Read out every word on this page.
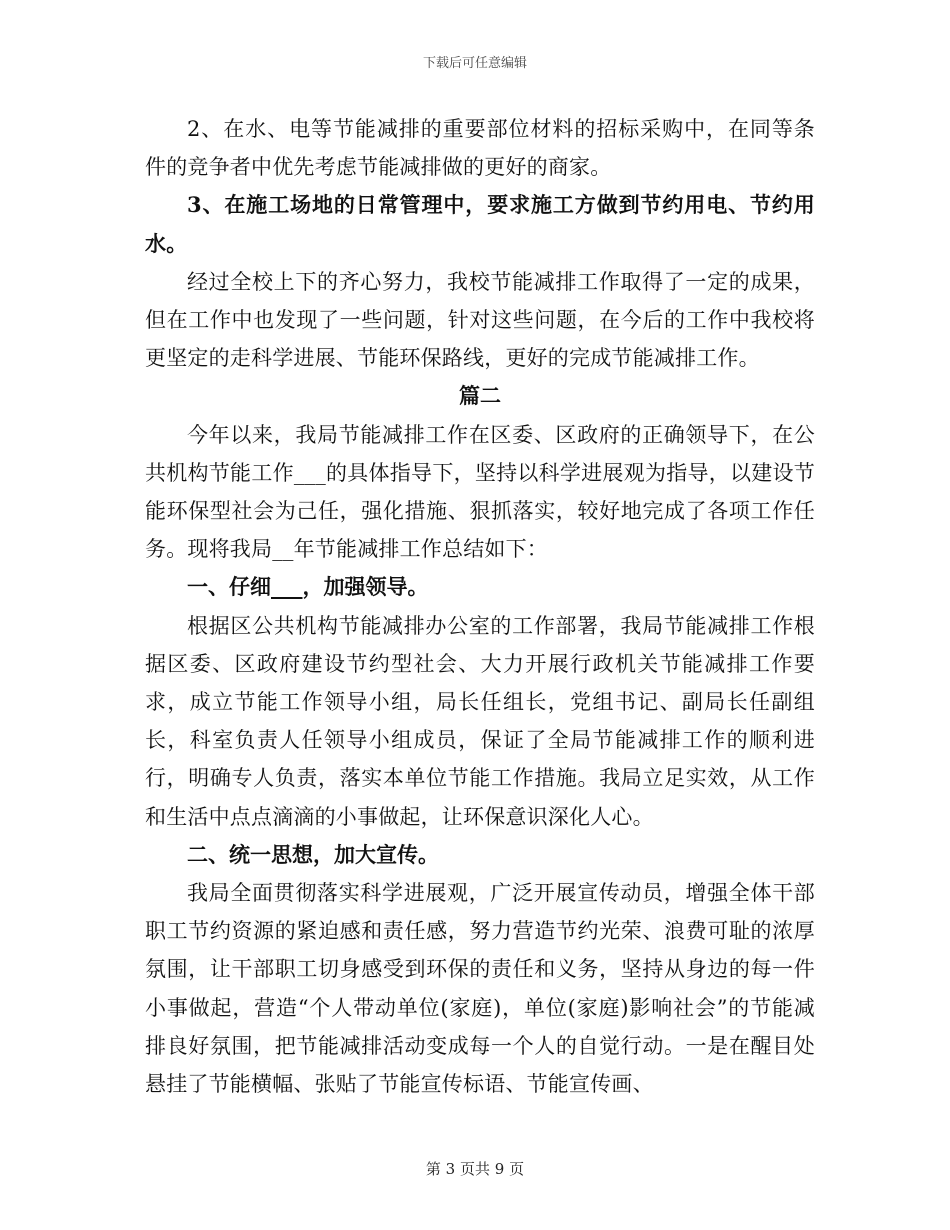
下载后可任意编辑

2、在水、电等节能减排的重要部位材料的招标采购中，在同等条件的竞争者中优先考虑节能减排做的更好的商家。

3、在施工场地的日常管理中，要求施工方做到节约用电、节约用水。

经过全校上下的齐心努力，我校节能减排工作取得了一定的成果，但在工作中也发现了一些问题，针对这些问题，在今后的工作中我校将更坚定的走科学进展、节能环保路线，更好的完成节能减排工作。

篇二

今年以来，我局节能减排工作在区委、区政府的正确领导下，在公共机构节能工作___的具体指导下，坚持以科学进展观为指导，以建设节能环保型社会为己任，强化措施、狠抓落实，较好地完成了各项工作任务。现将我局__年节能减排工作总结如下：

一、仔细___，加强领导。

根据区公共机构节能减排办公室的工作部署，我局节能减排工作根据区委、区政府建设节约型社会、大力开展行政机关节能减排工作要求，成立节能工作领导小组，局长任组长，党组书记、副局长任副组长，科室负责人任领导小组成员，保证了全局节能减排工作的顺利进行，明确专人负责，落实本单位节能工作措施。我局立足实效，从工作和生活中点点滴滴的小事做起，让环保意识深化人心。

二、统一思想，加大宣传。

我局全面贯彻落实科学进展观，广泛开展宣传动员，增强全体干部职工节约资源的紧迫感和责任感，努力营造节约光荣、浪费可耻的浓厚氛围，让干部职工切身感受到环保的责任和义务，坚持从身边的每一件小事做起，营造“个人带动单位(家庭)，单位(家庭)影响社会”的节能减排良好氛围，把节能减排活动变成每一个人的自觉行动。一是在醒目处悬挂了节能横幅、张贴了节能宣传标语、节能宣传画、

第 3 页共 9 页
